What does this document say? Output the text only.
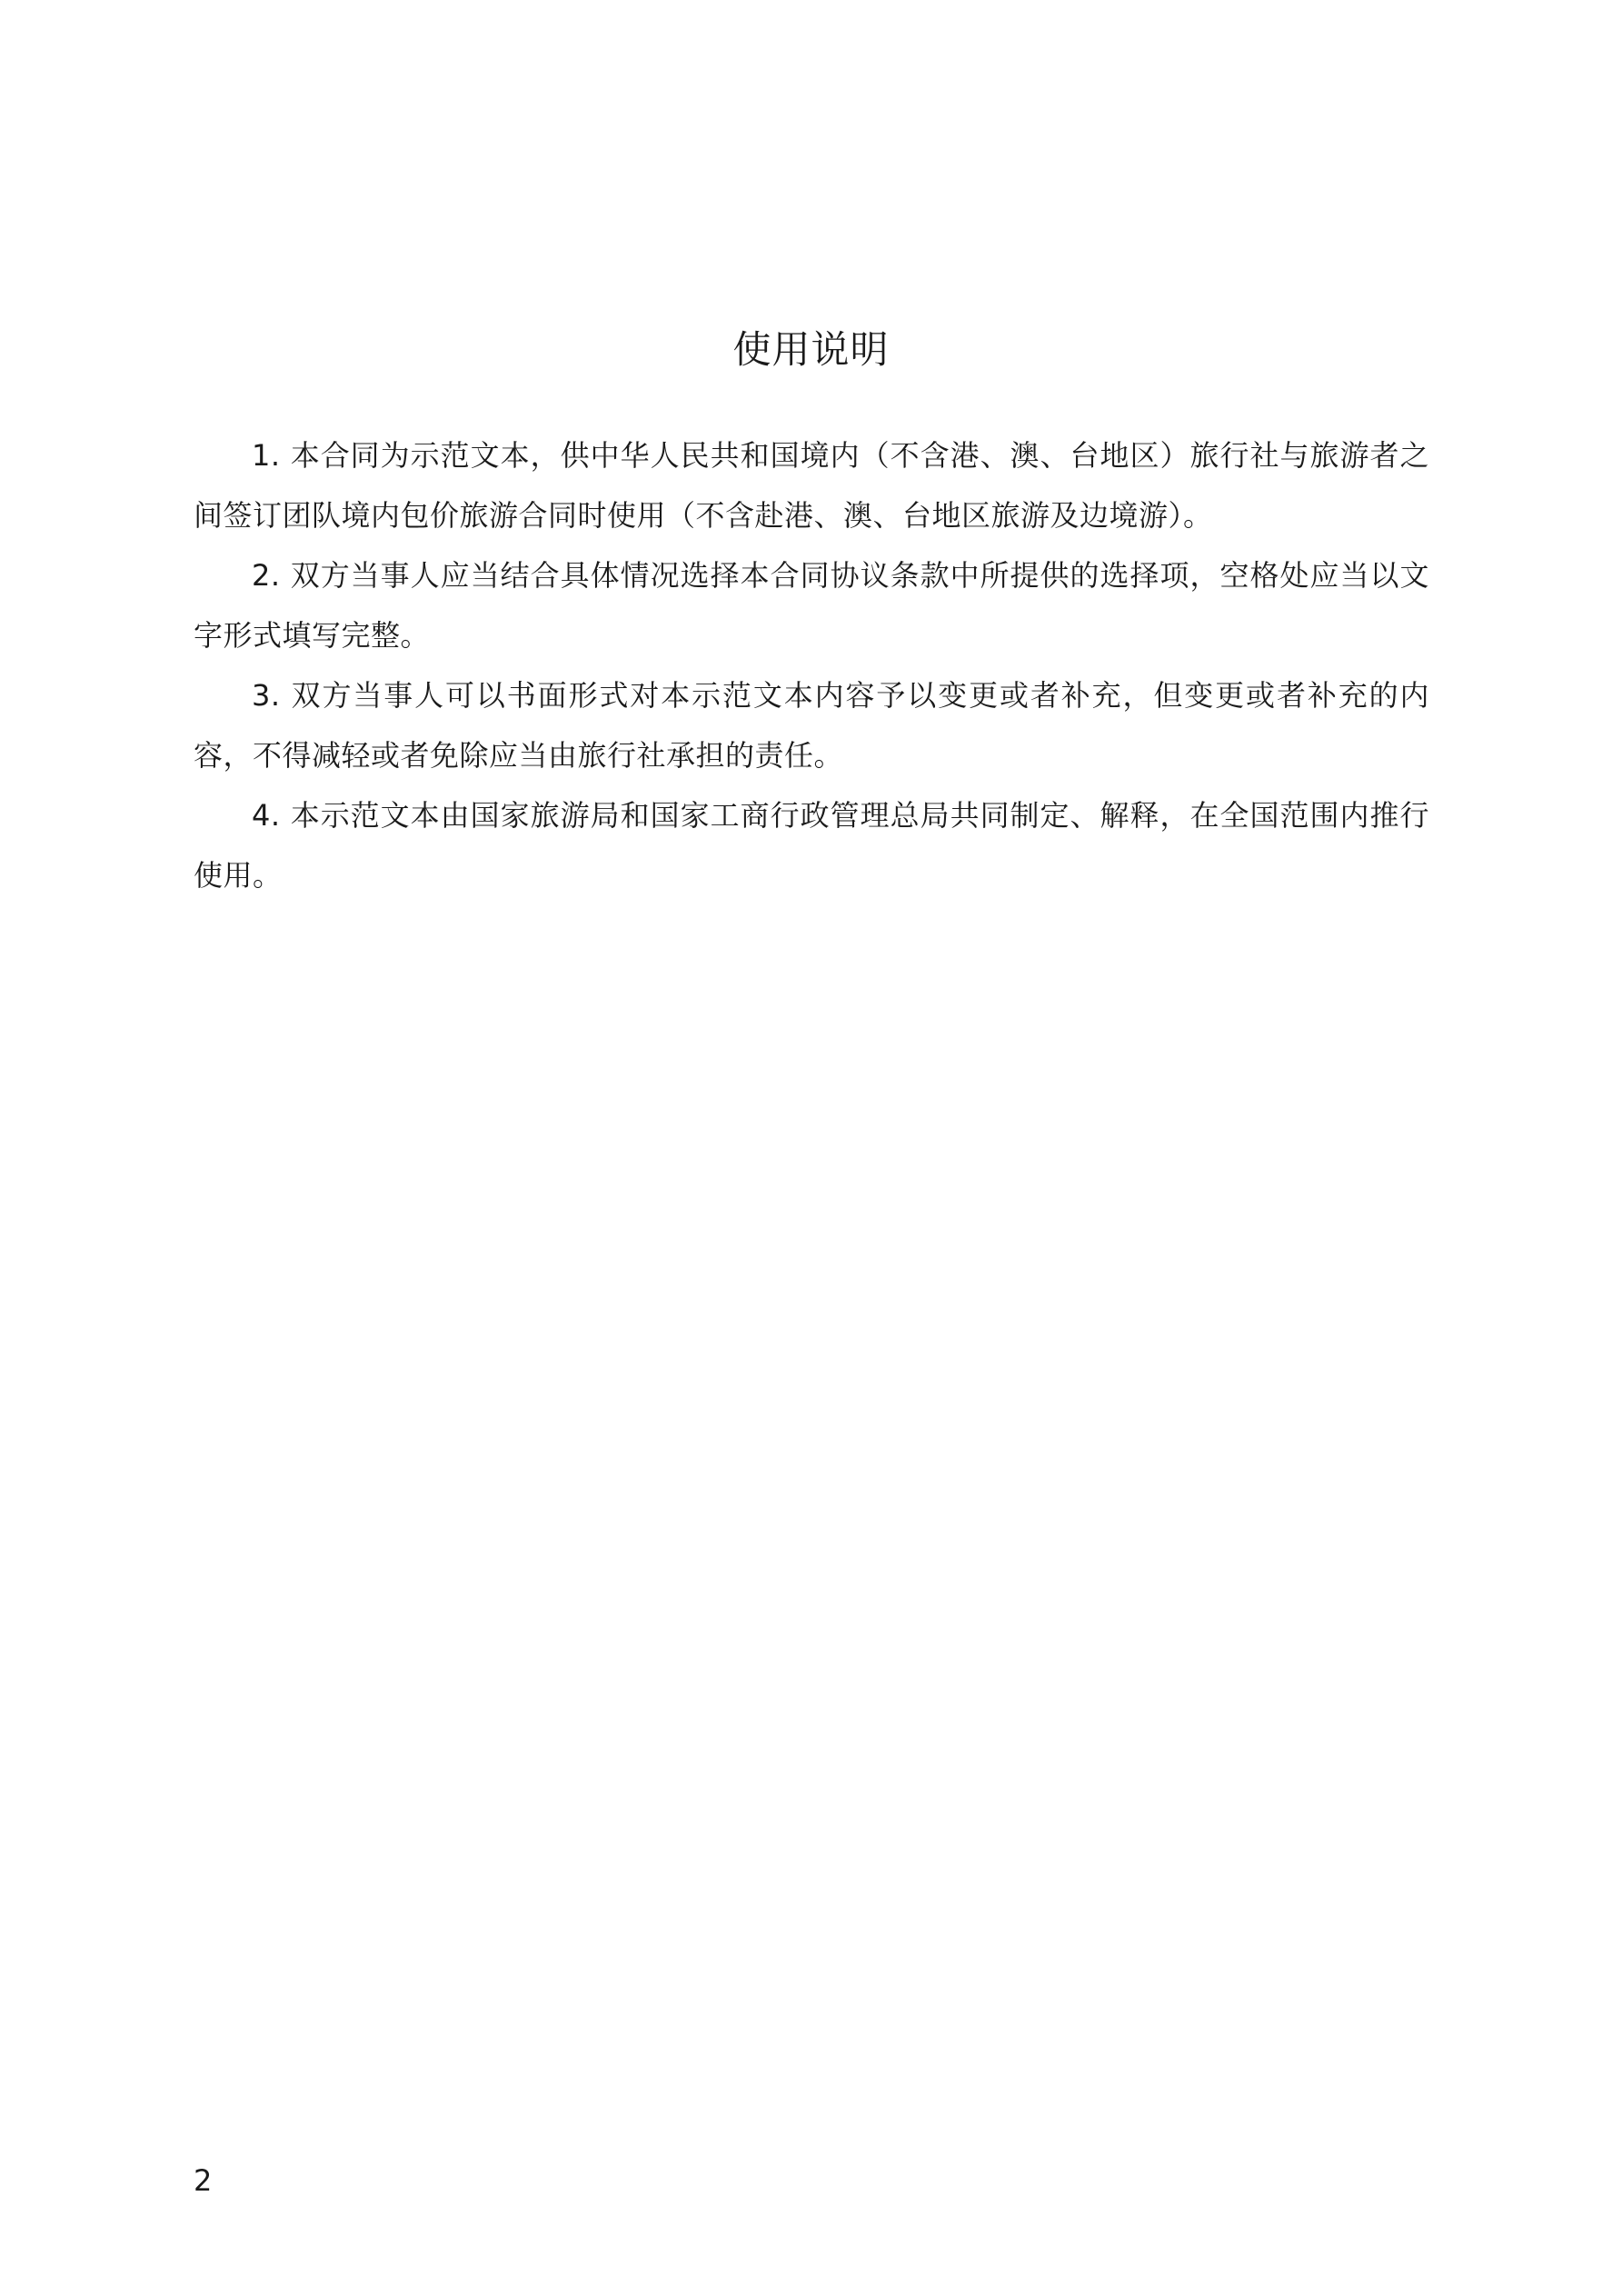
使用说明

1. 本合同为示范文本，供中华人民共和国境内（不含港、澳、台地区）旅行社与旅游者之间签订团队境内包价旅游合同时使用（不含赴港、澳、台地区旅游及边境游）。

2. 双方当事人应当结合具体情况选择本合同协议条款中所提供的选择项，空格处应当以文字形式填写完整。

3. 双方当事人可以书面形式对本示范文本内容予以变更或者补充，但变更或者补充的内容，不得减轻或者免除应当由旅行社承担的责任。

4. 本示范文本由国家旅游局和国家工商行政管理总局共同制定、解释，在全国范围内推行使用。

2
